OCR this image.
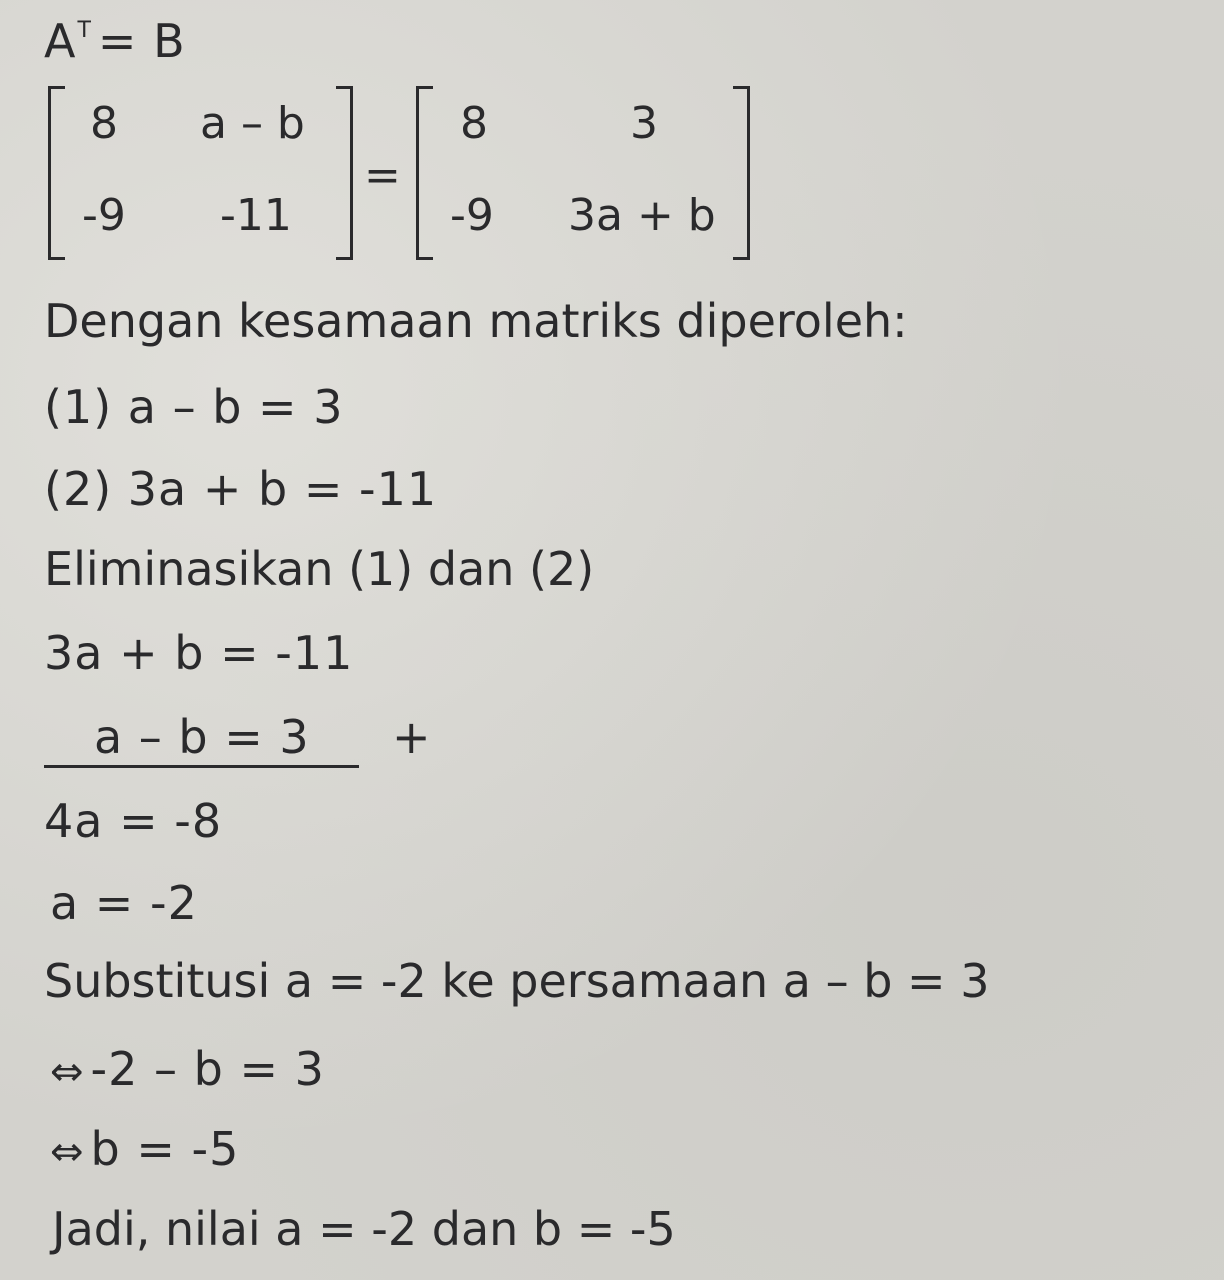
$A^T = B$
8 a – b
-9 -11
=
8	3
-9 3a + b
Dengan kesamaan matriks diperoleh:
(1) a – b = 3
(2) 3a + b = -11
Eliminasikan (1) dan (2)
3a + b = -11
a – b = 3 +
4a = -8
a = -2
Substitusi a = -2 ke persamaan a – b = 3
⇔ -2 – b = 3
⇔ b = -5
Jadi, nilai a = -2 dan b = -5
